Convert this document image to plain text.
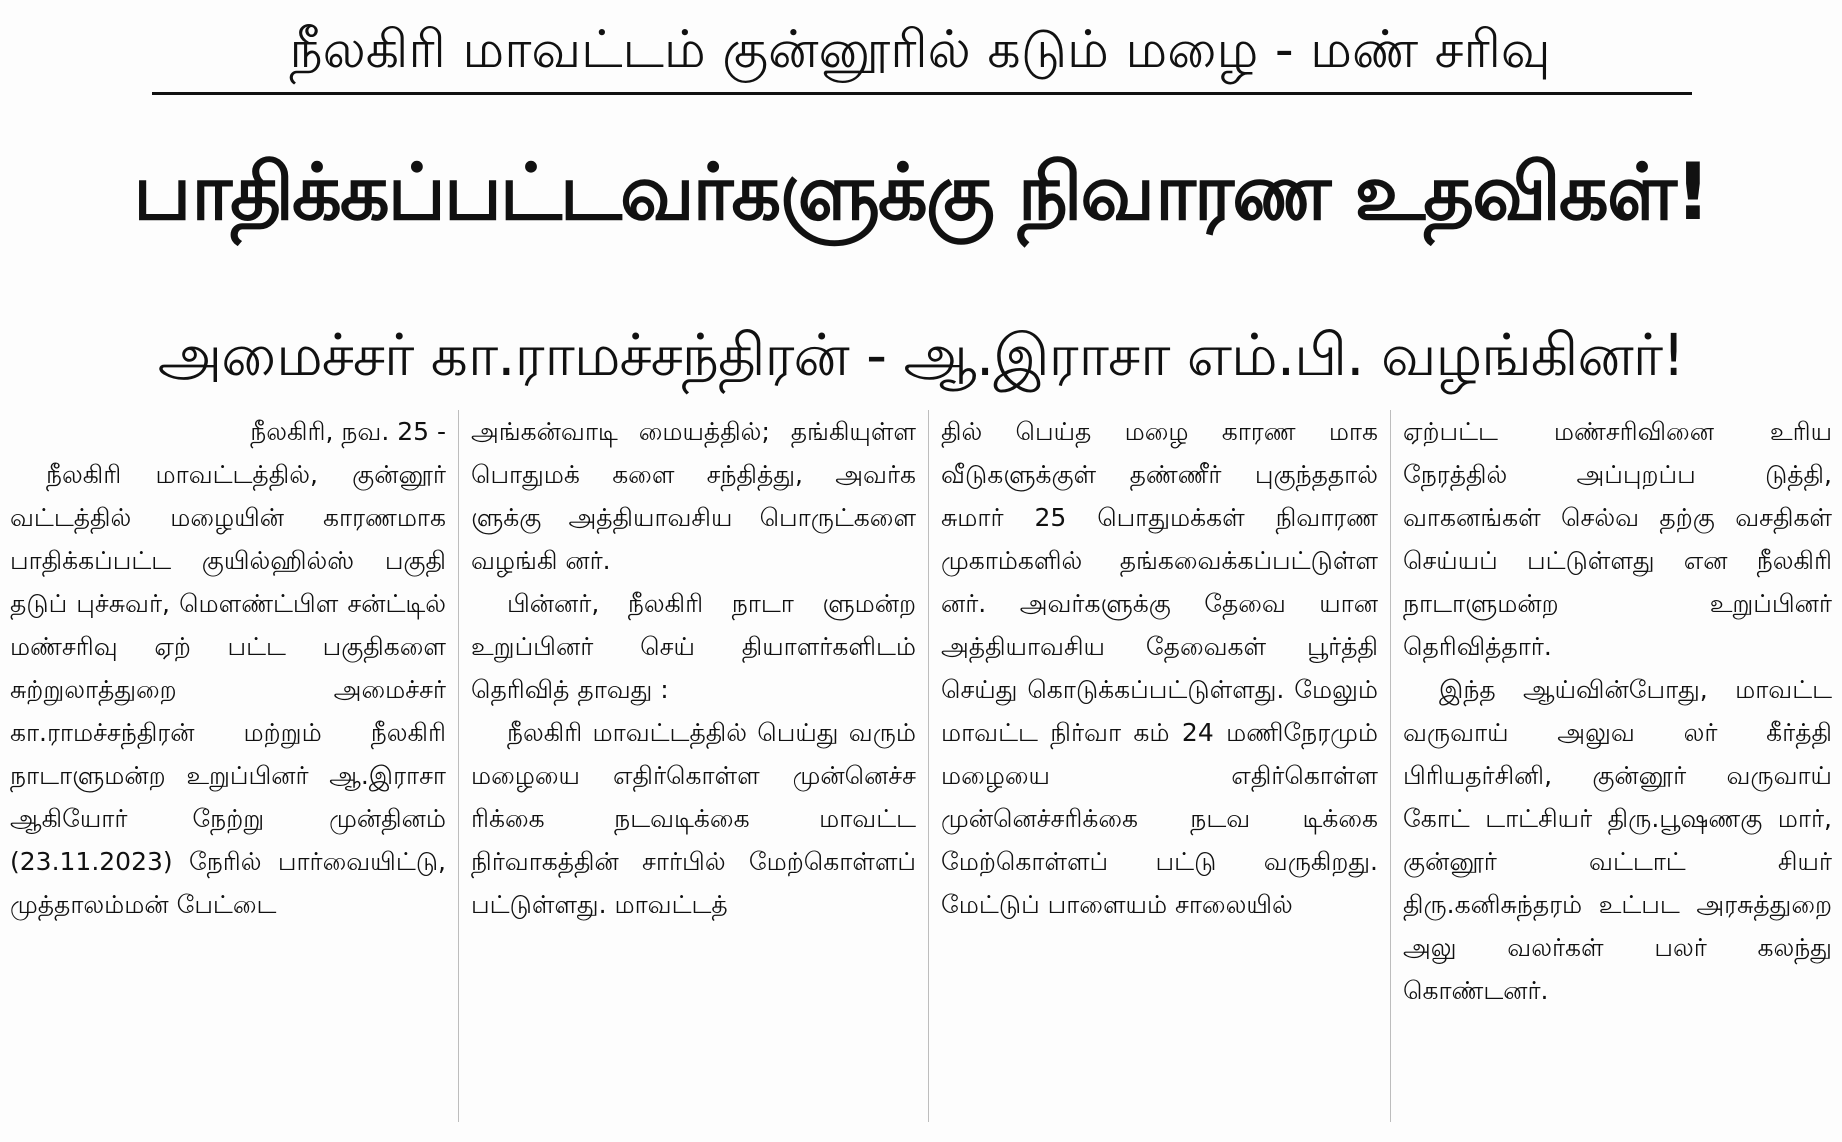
நீலகிரி மாவட்டம் குன்னூரில் கடும் மழை - மண் சரிவு
பாதிக்கப்பட்டவர்களுக்கு நிவாரண உதவிகள்!
அமைச்சர் கா.ராமச்சந்திரன் - ஆ.இராசா எம்.பி. வழங்கினர்!

நீலகிரி, நவ. 25 -

நீலகிரி மாவட்டத்தில், குன்னூர் வட்டத்தில் மழையின் காரணமாக பாதிக்கப்பட்ட குயில்ஹில்ஸ் பகுதி தடுப் புச்சுவர், மௌண்ட்பிள சன்ட்டில் மண்சரிவு ஏற் பட்ட பகுதிகளை சுற்றுலாத்துறை அமைச்சர் கா.ராமச்சந்திரன் மற்றும் நீலகிரி நாடாளுமன்ற உறுப்பினர் ஆ.இராசா ஆகியோர் நேற்று முன்தினம் (23.11.2023) நேரில் பார்வையிட்டு, முத்தாலம்மன் பேட்டை

அங்கன்வாடி மையத்தில்; தங்கியுள்ள பொதுமக் களை சந்தித்து, அவர்க ளுக்கு அத்தியாவசிய பொருட்களை வழங்கி னர்.

பின்னர், நீலகிரி நாடா ளுமன்ற உறுப்பினர் செய் தியாளர்களிடம் தெரிவித் தாவது :

நீலகிரி மாவட்டத்தில் பெய்து வரும் மழையை எதிர்கொள்ள முன்னெச்ச ரிக்கை நடவடிக்கை மாவட்ட நிர்வாகத்தின் சார்பில் மேற்கொள்ளப் பட்டுள்ளது. மாவட்டத்

தில் பெய்த மழை காரண மாக வீடுகளுக்குள் தண்ணீர் புகுந்ததால் சுமார் 25 பொதுமக்கள் நிவாரண முகாம்களில் தங்கவைக்கப்பட்டுள்ள னர். அவர்களுக்கு தேவை யான அத்தியாவசிய தேவைகள் பூர்த்தி செய்து கொடுக்கப்பட்டுள்ளது. மேலும் மாவட்ட நிர்வா கம் 24 மணிநேரமும் மழையை எதிர்கொள்ள முன்னெச்சரிக்கை நடவ டிக்கை மேற்கொள்ளப் பட்டு வருகிறது. மேட்டுப் பாளையம் சாலையில்

ஏற்பட்ட மண்சரிவினை உரிய நேரத்தில் அப்புறப்ப டுத்தி, வாகனங்கள் செல்வ தற்கு வசதிகள் செய்யப் பட்டுள்ளது என நீலகிரி நாடாளுமன்ற உறுப்பினர் தெரிவித்தார்.

இந்த ஆய்வின்போது, மாவட்ட வருவாய் அலுவ லர் கீர்த்தி பிரியதர்சினி, குன்னூர் வருவாய் கோட் டாட்சியர் திரு.பூஷணகு மார், குன்னூர் வட்டாட் சியர் திரு.கனிசுந்தரம் உட்பட அரசுத்துறை அலு வலர்கள் பலர் கலந்து கொண்டனர்.
